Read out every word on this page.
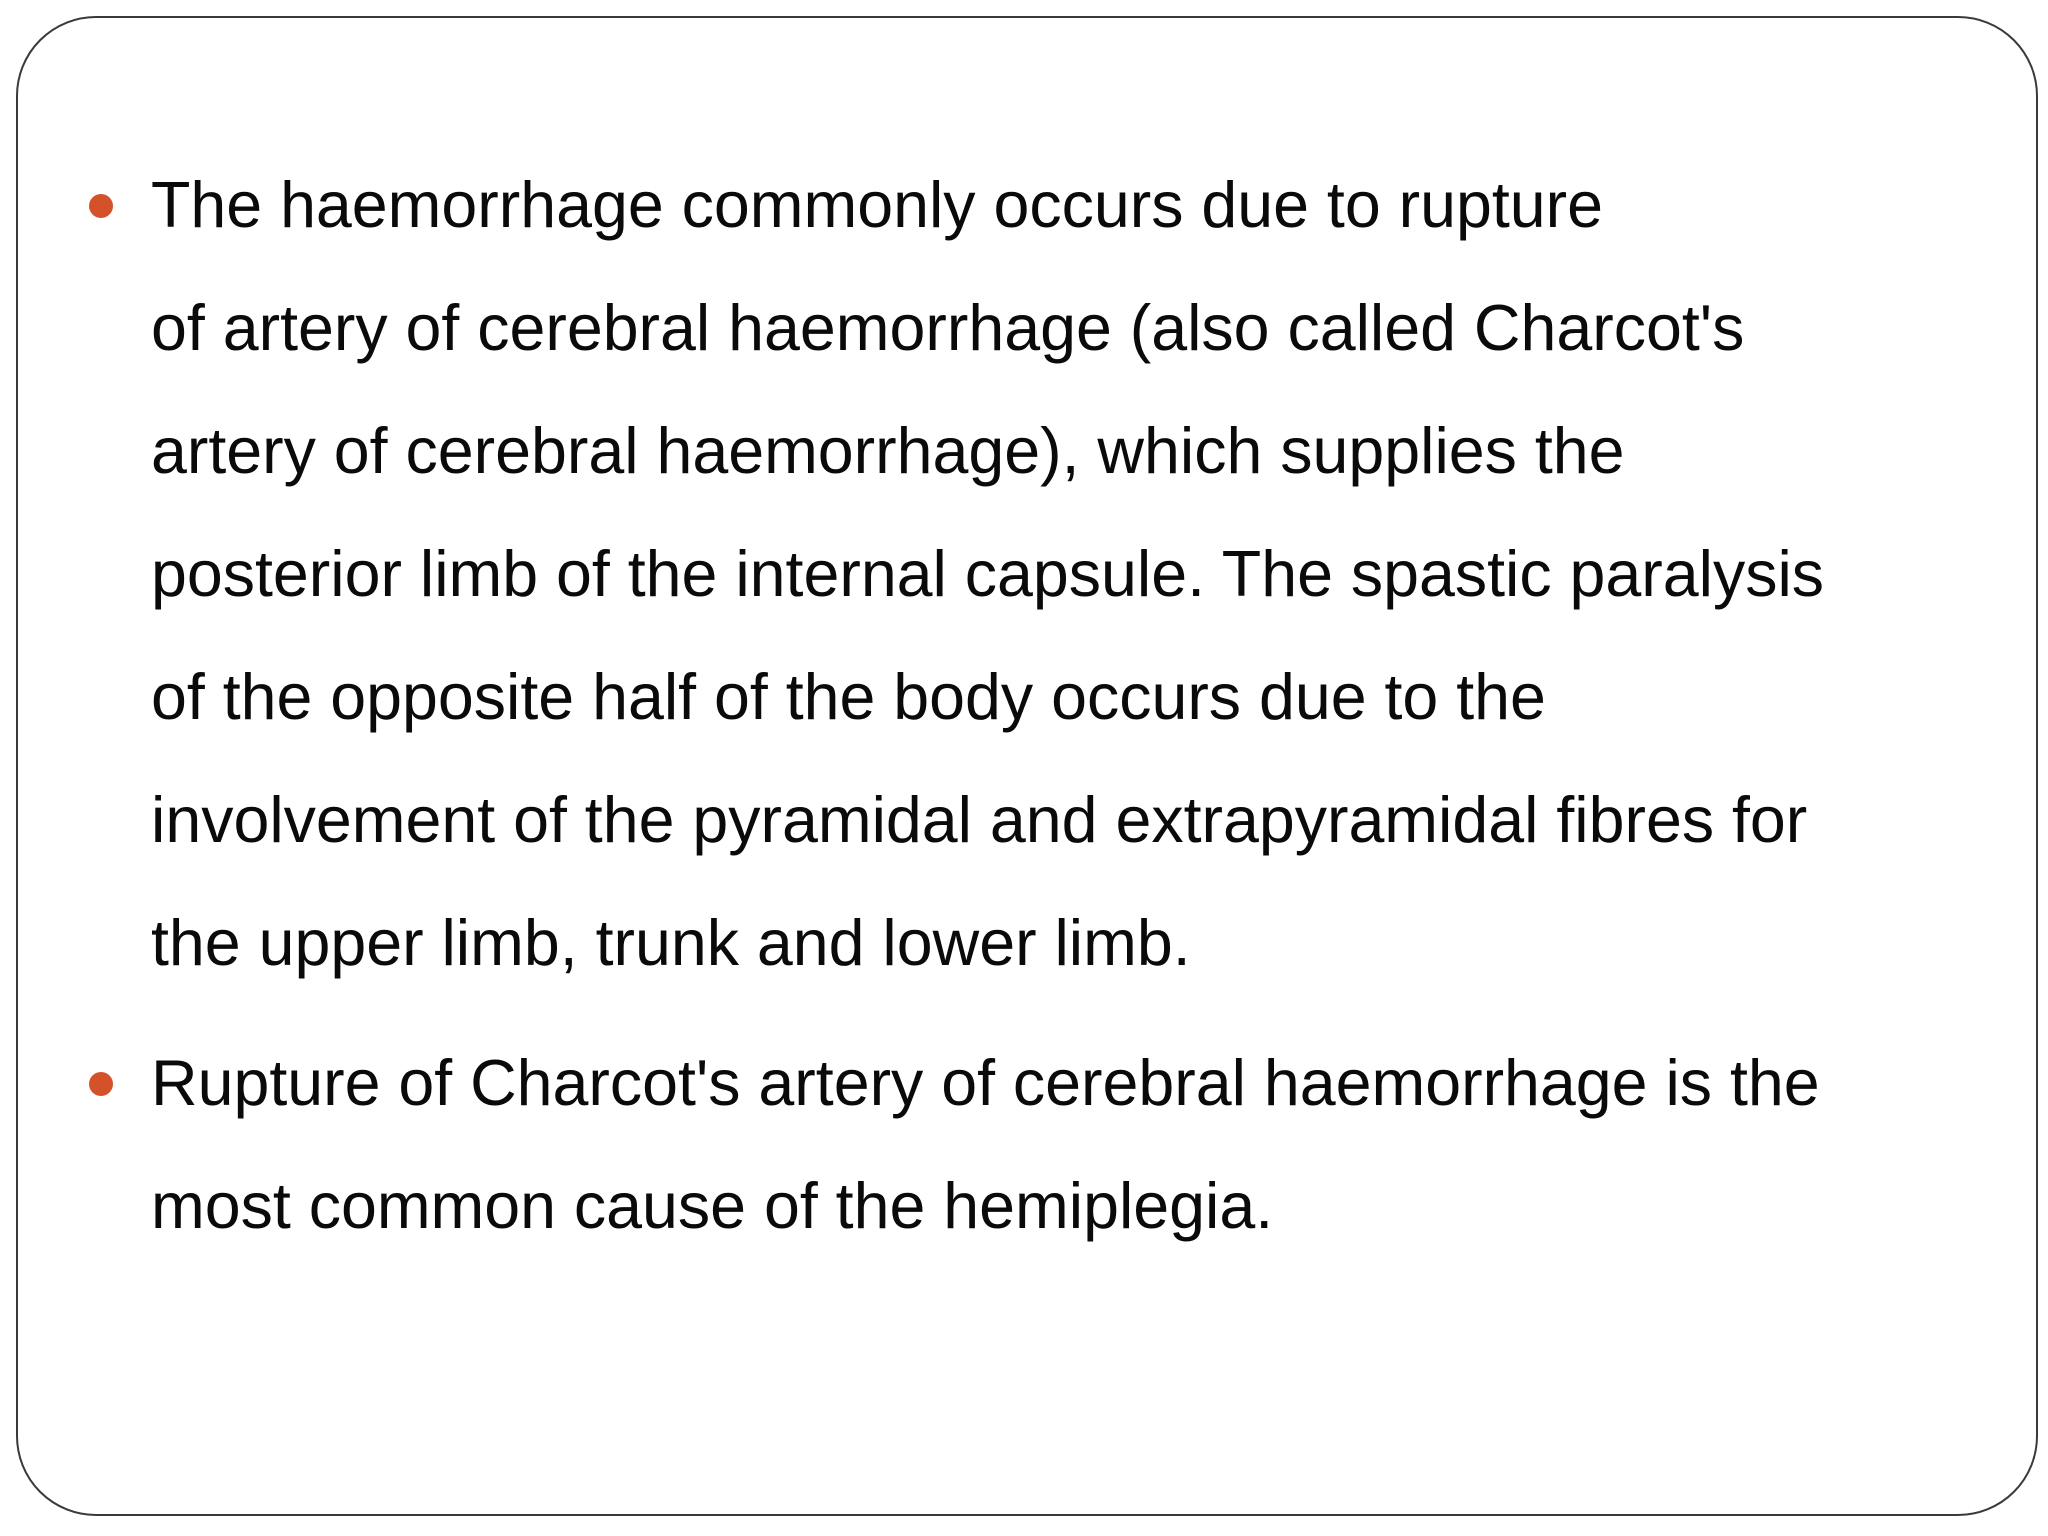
The haemorrhage commonly occurs due to rupture
of artery of cerebral haemorrhage (also called Charcot's
artery of cerebral haemorrhage), which supplies the
posterior limb of the internal capsule. The spastic paralysis
of the opposite half of the body occurs due to the
involvement of the pyramidal and extrapyramidal fibres for
the upper limb, trunk and lower limb.

Rupture of Charcot's artery of cerebral haemorrhage is the
most common cause of the hemiplegia.
